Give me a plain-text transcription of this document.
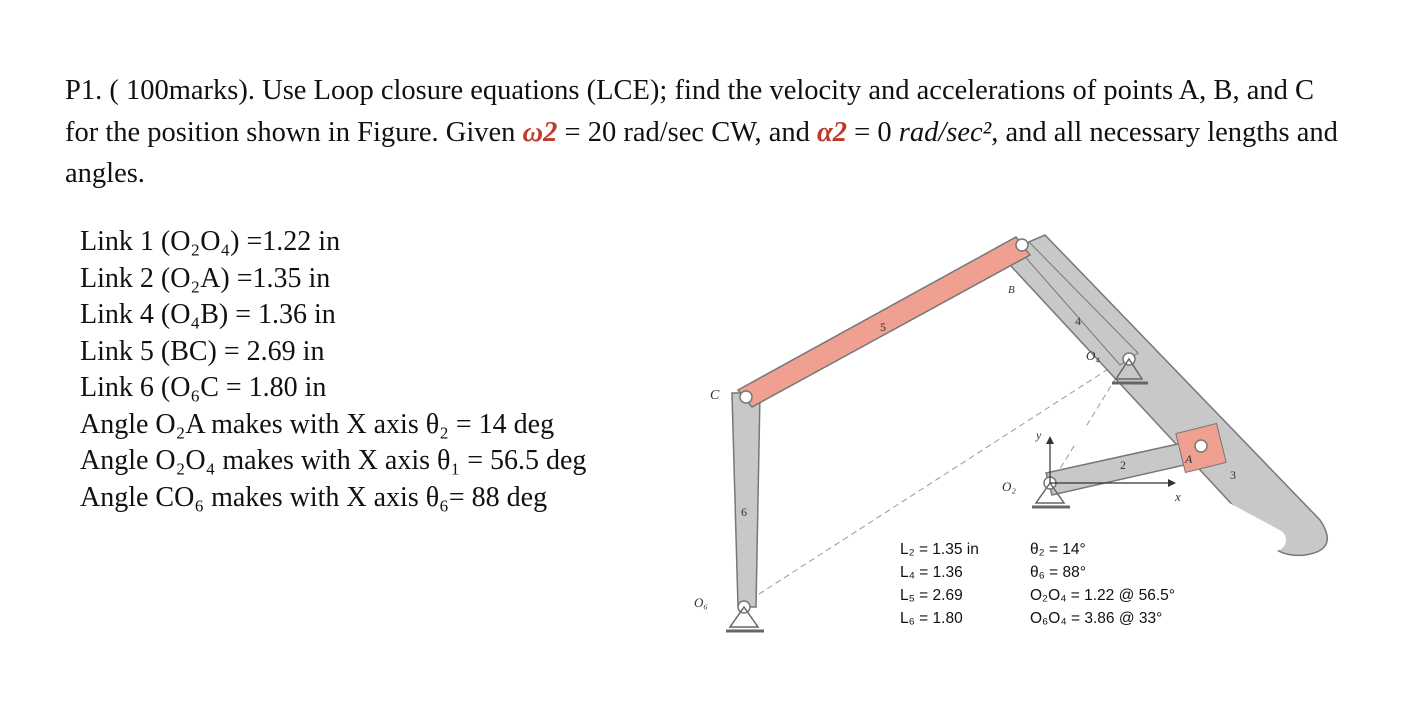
P1. ( 100marks). Use Loop closure equations (LCE); find the velocity and accelerations of points A, B, and C for the position shown in Figure. Given ω2 = 20 rad/sec CW, and α2 = 0 rad/sec², and all necessary lengths and angles.
Link 1 (O₂O₄) =1.22 in
Link 2 (O₂A) =1.35 in
Link 4 (O₄B) = 1.36 in
Link 5 (BC) = 2.69 in
Link 6 (O₆C = 1.80 in
Angle O₂A makes with X axis θ₂ = 14 deg
Angle O₂O₄ makes with X axis θ₁ = 56.5 deg
Angle CO₆ makes with X axis θ₆= 88 deg
C
B
A
O₄
O₂
O₆
5	4
2
3
6
y
x
L₂ = 1.35 in
L₄ = 1.36
L₅ = 2.69
L₆ = 1.80
θ₂ = 14°
θ₆ = 88°
O₂O₄ = 1.22 @ 56.5°
O₆O₄ = 3.86 @ 33°
